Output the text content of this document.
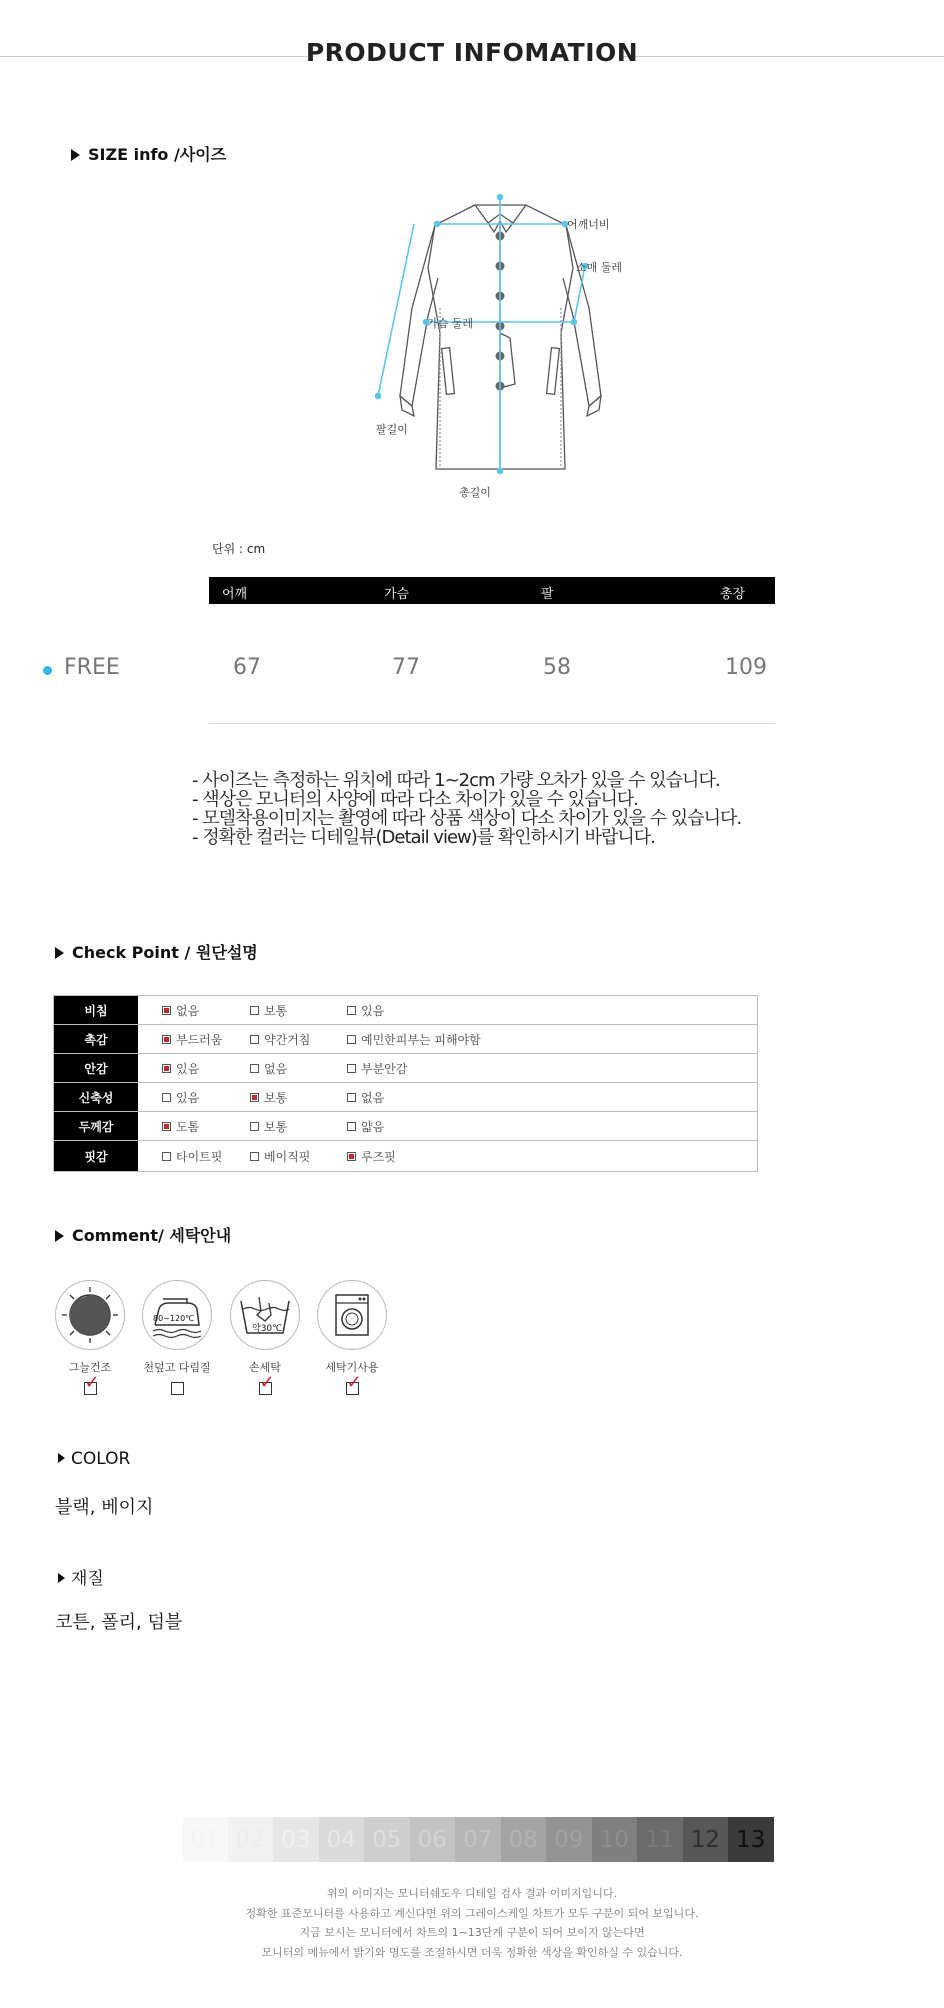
PRODUCT INFOMATION
SIZE info /사이즈
어깨너비
소매 둘레
가슴 둘레
팔길이
총길이
단위 : cm
어깨	가슴	팔	총장
FREE	67	77	58	109
- 사이즈는 측정하는 위치에 따라 1~2cm 가량 오차가 있을 수 있습니다.
- 색상은 모니터의 사양에 따라 다소 차이가 있을 수 있습니다.
- 모델착용이미지는 촬영에 따라 상품 색상이 다소 차이가 있을 수 있습니다.
- 정확한 컬러는 디테일뷰(Detail view)를 확인하시기 바랍니다.
Check Point / 원단설명
비침	없음	보통	있음
촉감	부드러움	약간거침	예민한피부는 피해야함
안감	있음	없음	부분안감
신축성	있음	보통	없음
두께감	도톰	보통	얇음
핏감	타이트핏	베이직핏	루즈핏
Comment/ 세탁안내
그늘건조
✓
80~120℃
천덮고 다림질
약30℃
손세탁
✓	세탁기사용
✓
COLOR
블랙, 베이지
재질
코튼, 폴리, 덤블
01 02 03 04 05 06 07 08 09 10 11 12 13
위의 이미지는 모니터쉐도우 디테일 검사 결과 이미지입니다.
정확한 표준모니터를 사용하고 계신다면 위의 그레이스케일 차트가 모두 구분이 되어 보입니다.
지금 보시는 모니터에서 차트의 1~13단계 구분이 되어 보이지 않는다면
모니터의 메뉴에서 밝기와 명도를 조절하시면 더욱 정확한 색상을 확인하실 수 있습니다.
